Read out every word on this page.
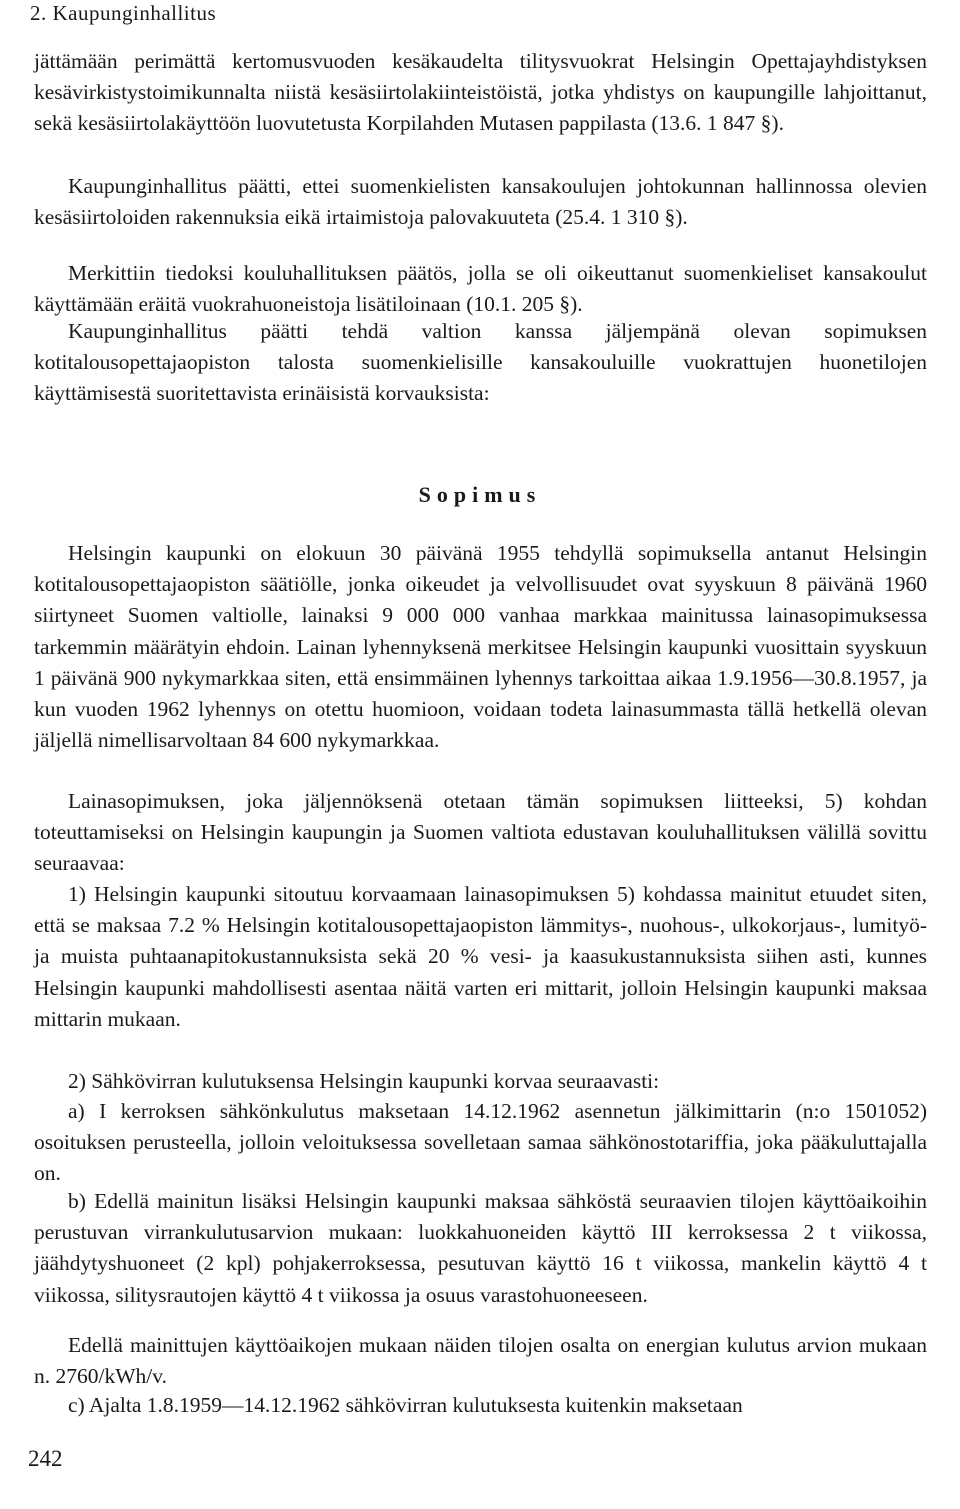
2. Kaupunginhallitus

jättämään perimättä kertomusvuoden kesäkaudelta tilitysvuokrat Helsingin Opettajayhdistyksen kesävirkistystoimikunnalta niistä kesäsiirtolakiinteistöistä, jotka yhdistys on kaupungille lahjoittanut, sekä kesäsiirtolakäyttöön luovutetusta Korpilahden Mutasen pappilasta (13.6. 1 847 §).

Kaupunginhallitus päätti, ettei suomenkielisten kansakoulujen johtokunnan hallinnossa olevien kesäsiirtoloiden rakennuksia eikä irtaimistoja palovakuuteta (25.4. 1 310 §).

Merkittiin tiedoksi kouluhallituksen päätös, jolla se oli oikeuttanut suomenkieliset kansakoulut käyttämään eräitä vuokrahuoneistoja lisätiloinaan (10.1. 205 §).

Kaupunginhallitus päätti tehdä valtion kanssa jäljempänä olevan sopimuksen kotitalousopettajaopiston talosta suomenkielisille kansakouluille vuokrattujen huonetilojen käyttämisestä suoritettavista erinäisistä korvauksista:

Sopimus

Helsingin kaupunki on elokuun 30 päivänä 1955 tehdyllä sopimuksella antanut Helsingin kotitalousopettajaopiston säätiölle, jonka oikeudet ja velvollisuudet ovat syyskuun 8 päivänä 1960 siirtyneet Suomen valtiolle, lainaksi 9 000 000 vanhaa markkaa mainitussa lainasopimuksessa tarkemmin määrätyin ehdoin. Lainan lyhennyksenä merkitsee Helsingin kaupunki vuosittain syyskuun 1 päivänä 900 nykymarkkaa siten, että ensimmäinen lyhennys tarkoittaa aikaa 1.9.1956—30.8.1957, ja kun vuoden 1962 lyhennys on otettu huomioon, voidaan todeta lainasummasta tällä hetkellä olevan jäljellä nimellisarvoltaan 84 600 nykymarkkaa.

Lainasopimuksen, joka jäljennöksenä otetaan tämän sopimuksen liitteeksi, 5) kohdan toteuttamiseksi on Helsingin kaupungin ja Suomen valtiota edustavan kouluhallituksen välillä sovittu seuraavaa:

1) Helsingin kaupunki sitoutuu korvaamaan lainasopimuksen 5) kohdassa mainitut etuudet siten, että se maksaa 7.2 % Helsingin kotitalousopettajaopiston lämmitys-, nuohous-, ulkokorjaus-, lumityö- ja muista puhtaanapitokustannuksista sekä 20 % vesi- ja kaasukustannuksista siihen asti, kunnes Helsingin kaupunki mahdollisesti asentaa näitä varten eri mittarit, jolloin Helsingin kaupunki maksaa mittarin mukaan.

2) Sähkövirran kulutuksensa Helsingin kaupunki korvaa seuraavasti:

a) I kerroksen sähkönkulutus maksetaan 14.12.1962 asennetun jälkimittarin (n:o 1501052) osoituksen perusteella, jolloin veloituksessa sovelletaan samaa sähkönostotariffia, joka pääkuluttajalla on.

b) Edellä mainitun lisäksi Helsingin kaupunki maksaa sähköstä seuraavien tilojen käyttöaikoihin perustuvan virrankulutusarvion mukaan: luokkahuoneiden käyttö III kerroksessa 2 t viikossa, jäähdytyshuoneet (2 kpl) pohjakerroksessa, pesutuvan käyttö 16 t viikossa, mankelin käyttö 4 t viikossa, silitysrautojen käyttö 4 t viikossa ja osuus varastohuoneeseen.

Edellä mainittujen käyttöaikojen mukaan näiden tilojen osalta on energian kulutus arvion mukaan n. 2760/kWh/v.

c) Ajalta 1.8.1959—14.12.1962 sähkövirran kulutuksesta kuitenkin maksetaan

242
